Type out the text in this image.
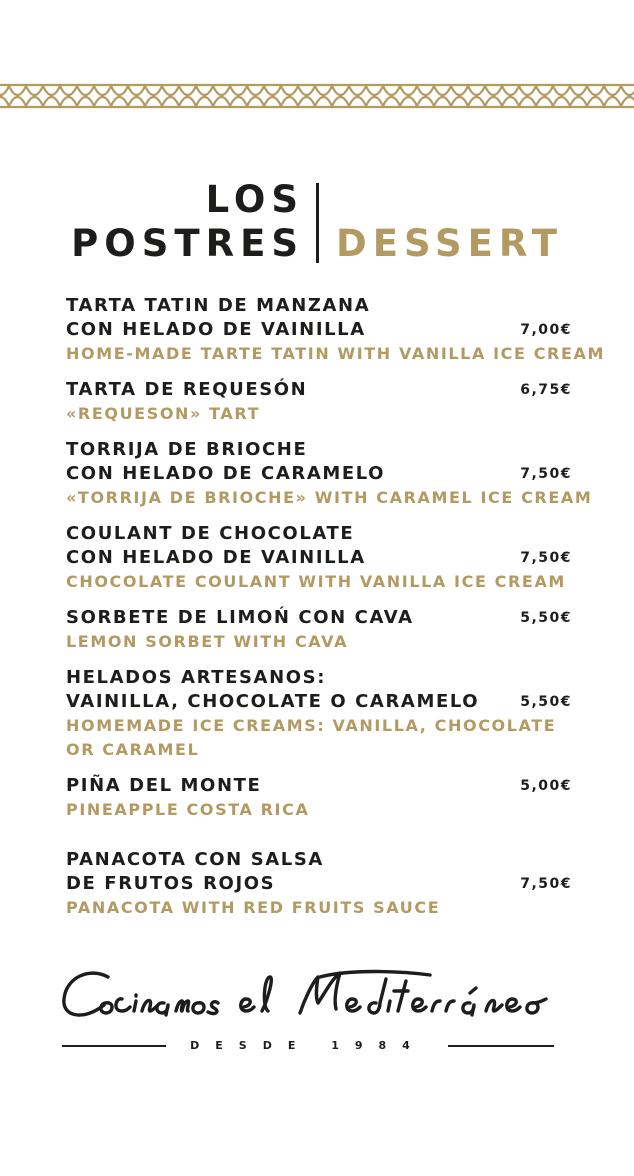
LOS
POSTRES DESSERT
TARTA TATIN DE MANZANA
CON HELADO DE VAINILLA	7,00€
HOME-MADE TARTE TATIN WITH VANILLA ICE CREAM
TARTA DE REQUESÓN	6,75€
«REQUESON» TART
TORRIJA DE BRIOCHE
CON HELADO DE CARAMELO	7,50€
«TORRIJA DE BRIOCHE» WITH CARAMEL ICE CREAM
COULANT DE CHOCOLATE
CON HELADO DE VAINILLA	7,50€
CHOCOLATE COULANT WITH VANILLA ICE CREAM
SORBETE DE LIMOŃ CON CAVA	5,50€
LEMON SORBET WITH CAVA
HELADOS ARTESANOS:
VAINILLA, CHOCOLATE O CARAMELO	5,50€
HOMEMADE ICE CREAMS: VANILLA, CHOCOLATE OR CARAMEL
PIÑA DEL MONTE	5,00€
PINEAPPLE COSTA RICA
PANACOTA CON SALSA
DE FRUTOS ROJOS	7,50€
PANACOTA WITH RED FRUITS SAUCE
DESDE 1984
